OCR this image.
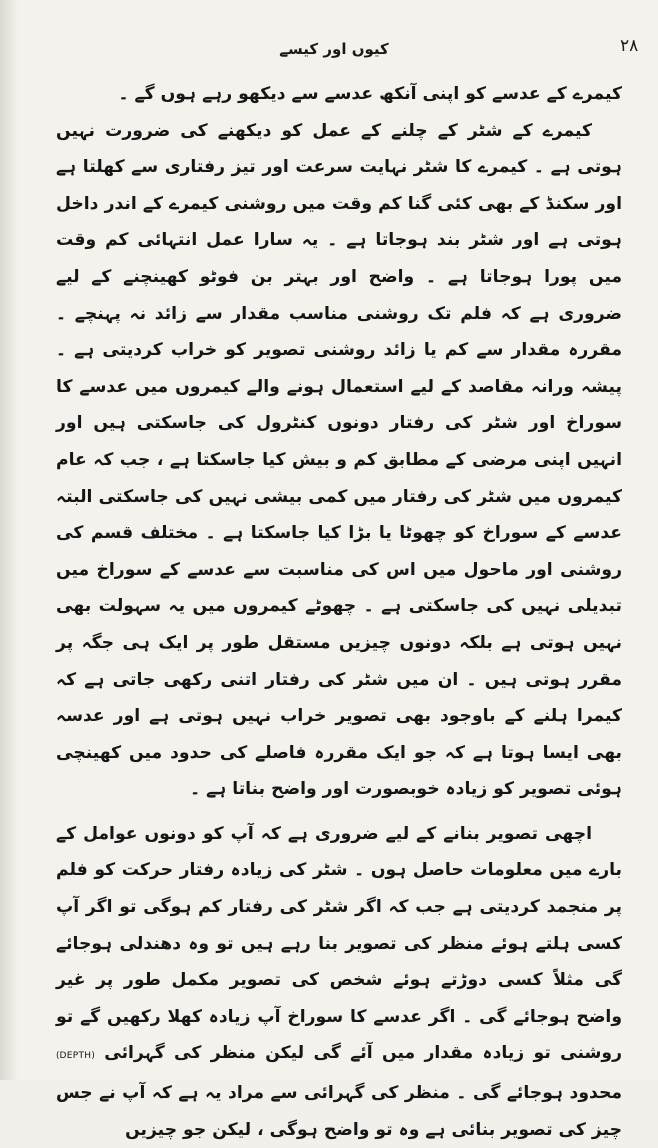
کیوں اور کیسے	۲۸

کیمرے کے عدسے کو اپنی آنکھ عدسے سے دیکھو رہے ہوں گے ۔

کیمرے کے شٹر کے چلنے کے عمل کو دیکھنے کی ضرورت نہیں ہوتی ہے ۔ کیمرے کا شٹر نہایت سرعت اور تیز رفتاری سے کھلتا ہے اور سکنڈ کے بھی کئی گنا کم وقت میں روشنی کیمرے کے اندر داخل ہوتی ہے اور شٹر بند ہوجاتا ہے ۔ یہ سارا عمل انتہائی کم وقت میں پورا ہوجاتا ہے ۔ واضح اور بہتر بن فوٹو کھینچنے کے لیے ضروری ہے کہ فلم تک روشنی مناسب مقدار سے زائد نہ پہنچے ۔ مقررہ مقدار سے کم یا زائد روشنی تصویر کو خراب کردیتی ہے ۔ پیشہ ورانہ مقاصد کے لیے استعمال ہونے والے کیمروں میں عدسے کا سوراخ اور شٹر کی رفتار دونوں کنٹرول کی جاسکتی ہیں اور انہیں اپنی مرضی کے مطابق کم و بیش کیا جاسکتا ہے ، جب کہ عام کیمروں میں شٹر کی رفتار میں کمی بیشی نہیں کی جاسکتی البتہ عدسے کے سوراخ کو چھوٹا یا بڑا کیا جاسکتا ہے ۔ مختلف قسم کی روشنی اور ماحول میں اس کی مناسبت سے عدسے کے سوراخ میں تبدیلی نہیں کی جاسکتی ہے ۔ چھوٹے کیمروں میں یہ سہولت بھی نہیں ہوتی ہے بلکہ دونوں چیزیں مستقل طور پر ایک ہی جگہ پر مقرر ہوتی ہیں ۔ ان میں شٹر کی رفتار اتنی رکھی جاتی ہے کہ کیمرا ہلنے کے باوجود بھی تصویر خراب نہیں ہوتی ہے اور عدسہ بھی ایسا ہوتا ہے کہ جو ایک مقررہ فاصلے کی حدود میں کھینچی ہوئی تصویر کو زیادہ خوبصورت اور واضح بناتا ہے ۔

اچھی تصویر بنانے کے لیے ضروری ہے کہ آپ کو دونوں عوامل کے بارے میں معلومات حاصل ہوں ۔ شٹر کی زیادہ رفتار حرکت کو فلم پر منجمد کردیتی ہے جب کہ اگر شٹر کی رفتار کم ہوگی تو اگر آپ کسی ہلتے ہوئے منظر کی تصویر بنا رہے ہیں تو وہ دھندلی ہوجائے گی مثلاً کسی دوڑتے ہوئے شخص کی تصویر مکمل طور پر غیر واضح ہوجائے گی ۔ اگر عدسے کا سوراخ آپ زیادہ کھلا رکھیں گے تو روشنی تو زیادہ مقدار میں آئے گی لیکن منظر کی گہرائی (DEPTH) محدود ہوجائے گی ۔ منظر کی گہرائی سے مراد یہ ہے کہ آپ نے جس چیز کی تصویر بنائی ہے وہ تو واضح ہوگی ، لیکن جو چیزیں
